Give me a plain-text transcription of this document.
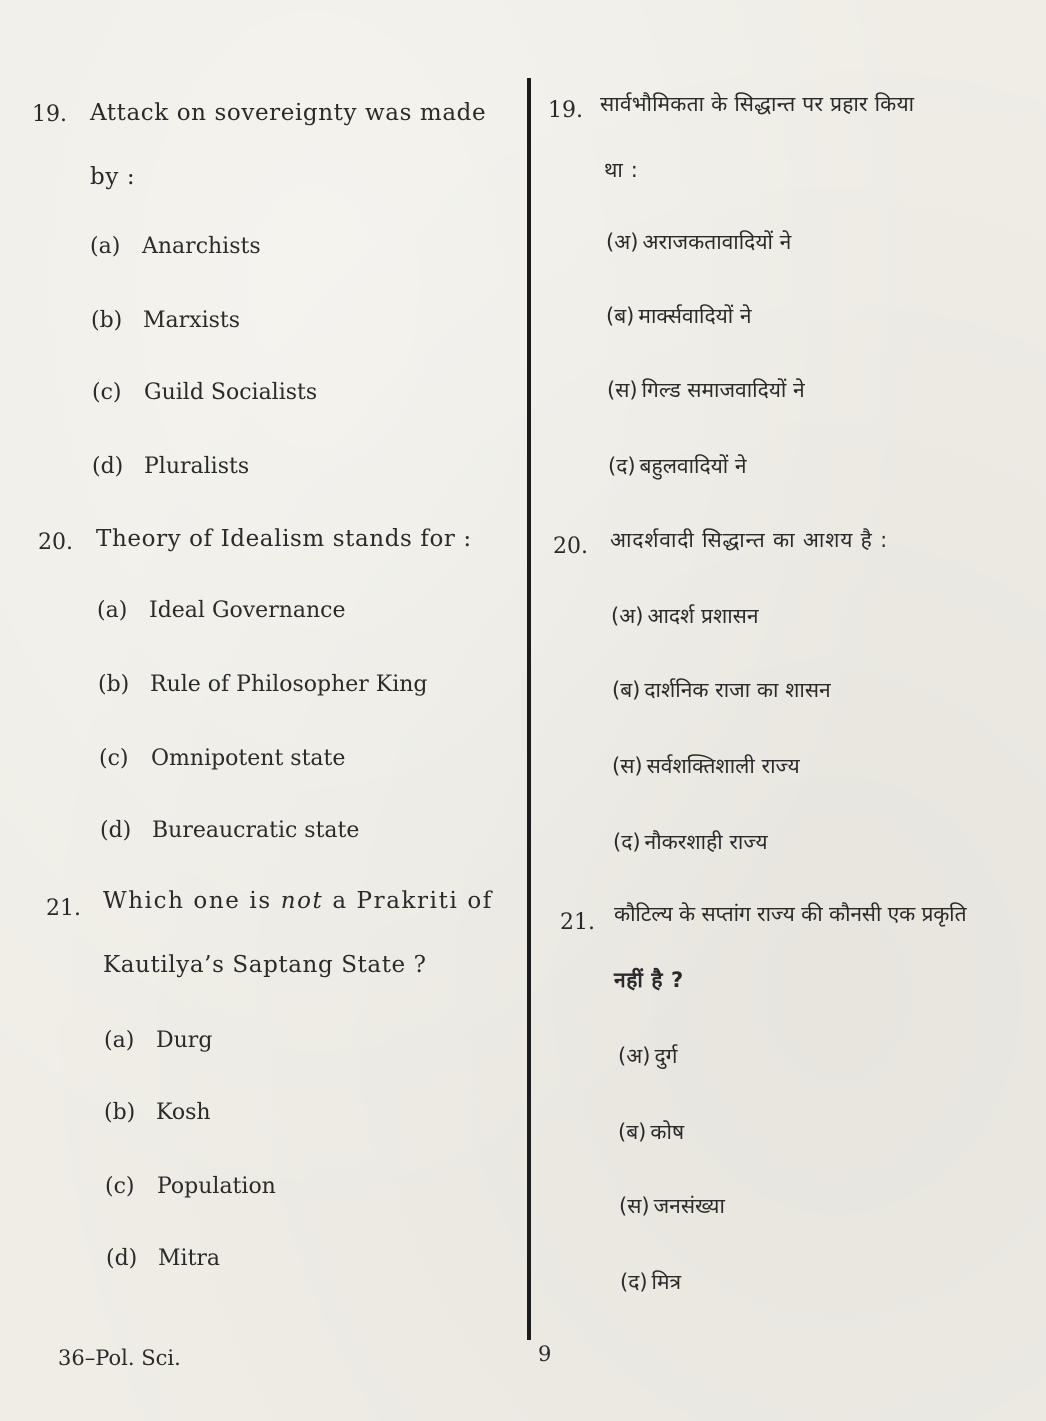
19. Attack on sovereignty was made
by :
(a) Anarchists
(b) Marxists
(c) Guild Socialists
(d) Pluralists
20. Theory of Idealism stands for :
(a) Ideal Governance
(b) Rule of Philosopher King
(c) Omnipotent state
(d) Bureaucratic state
21. Which one is not a Prakriti of
Kautilya’s Saptang State ?
(a) Durg
(b) Kosh
(c) Population
(d) Mitra
19. सार्वभौमिकता के सिद्धान्त पर प्रहार किया
था :
(अ) अराजकतावादियों ने
(ब) मार्क्सवादियों ने
(स) गिल्ड समाजवादियों ने
(द) बहुलवादियों ने
20. आदर्शवादी सिद्धान्त का आशय है :
(अ) आदर्श प्रशासन
(ब) दार्शनिक राजा का शासन
(स) सर्वशक्तिशाली राज्य
(द) नौकरशाही राज्य
21. कौटिल्य के सप्तांग राज्य की कौनसी एक प्रकृति
नहीं है ?
(अ) दुर्ग
(ब) कोष
(स) जनसंख्या
(द) मित्र
36–Pol. Sci.	9
